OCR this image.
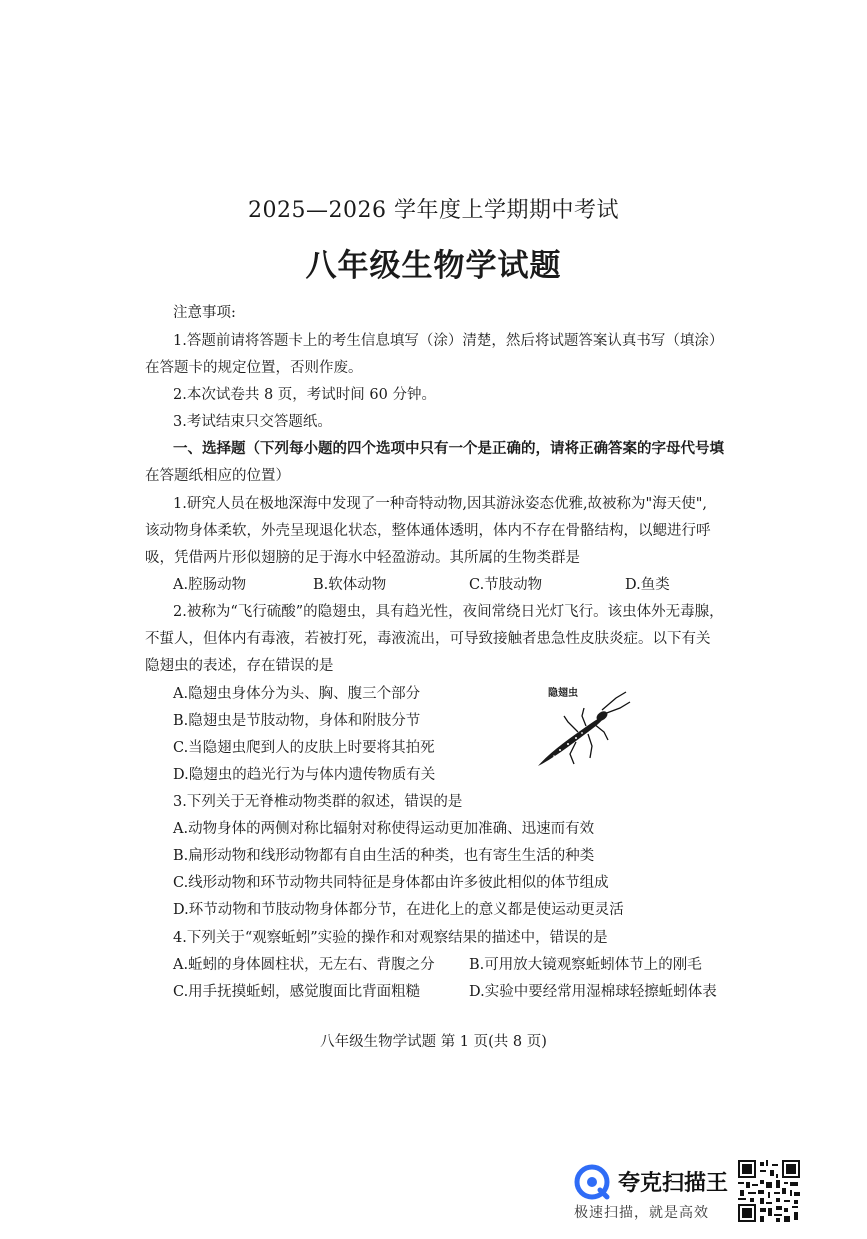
2025—2026 学年度上学期期中考试
八年级生物学试题
注意事项:
1.答题前请将答题卡上的考生信息填写（涂）清楚，然后将试题答案认真书写（填涂）
在答题卡的规定位置，否则作废。
2.本次试卷共 8 页，考试时间 60 分钟。
3.考试结束只交答题纸。
一、选择题（下列每小题的四个选项中只有一个是正确的，请将正确答案的字母代号填
在答题纸相应的位置）
1.研究人员在极地深海中发现了一种奇特动物,因其游泳姿态优雅,故被称为"海天使",
该动物身体柔软，外壳呈现退化状态，整体通体透明，体内不存在骨骼结构，以鳃进行呼
吸，凭借两片形似翅膀的足于海水中轻盈游动。其所属的生物类群是
A.腔肠动物	B.软体动物	C.节肢动物	D.鱼类
2.被称为“飞行硫酸”的隐翅虫，具有趋光性，夜间常绕日光灯飞行。该虫体外无毒腺，
不蜇人，但体内有毒液，若被打死，毒液流出，可导致接触者患急性皮肤炎症。以下有关
隐翅虫的表述，存在错误的是
A.隐翅虫身体分为头、胸、腹三个部分
B.隐翅虫是节肢动物，身体和附肢分节
C.当隐翅虫爬到人的皮肤上时要将其拍死
D.隐翅虫的趋光行为与体内遗传物质有关
隐翅虫
3.下列关于无脊椎动物类群的叙述，错误的是
A.动物身体的两侧对称比辐射对称使得运动更加准确、迅速而有效
B.扁形动物和线形动物都有自由生活的种类，也有寄生生活的种类
C.线形动物和环节动物共同特征是身体都由许多彼此相似的体节组成
D.环节动物和节肢动物身体都分节，在进化上的意义都是使运动更灵活
4.下列关于“观察蚯蚓”实验的操作和对观察结果的描述中，错误的是
A.蚯蚓的身体圆柱状，无左右、背腹之分 B.可用放大镜观察蚯蚓体节上的刚毛
C.用手抚摸蚯蚓，感觉腹面比背面粗糙	D.实验中要经常用湿棉球轻擦蚯蚓体表
八年级生物学试题 第 1 页(共 8 页)
夸克扫描王
极速扫描，就是高效
